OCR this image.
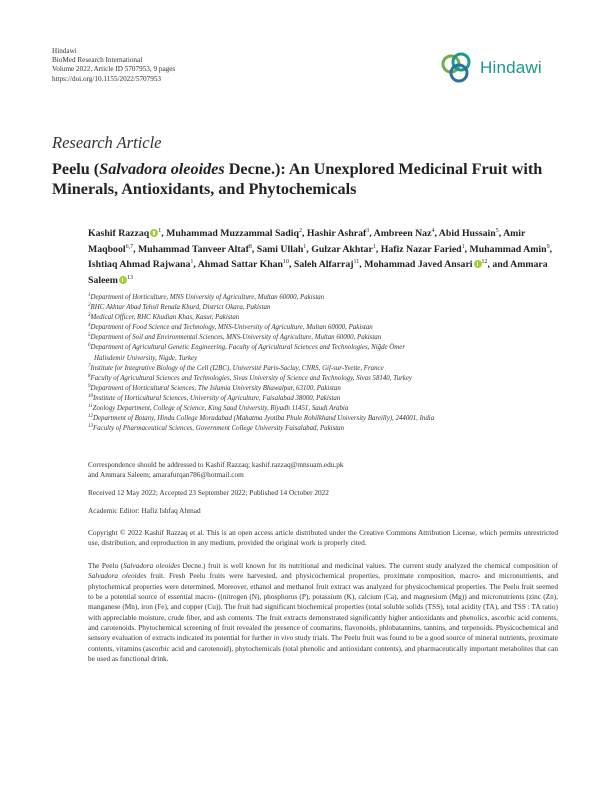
Hindawi
BioMed Research International
Volume 2022, Article ID 5707953, 9 pages
https://doi.org/10.1155/2022/5707953
Hindawi
Research Article
Peelu (Salvadora oleoides Decne.): An Unexplored Medicinal Fruit with Minerals, Antioxidants, and Phytochemicals
Kashif Razzaq $^1$, Muhammad Muzzammal Sadiq$^2$, Hashir Ashraf$^3$, Ambreen Naz$^4$, Abid Hussain$^5$, Amir Maqbool$^{6,7}$, Muhammad Tanveer Altaf$^8$, Sami Ullah$^1$, Gulzar Akhtar$^1$, Hafiz Nazar Faried$^1$, Muhammad Amin$^9$, Ishtiaq Ahmad Rajwana$^1$, Ahmad Sattar Khan$^{10}$, Saleh Alfarraj$^{11}$, Mohammad Javed Ansari $^{12}$, and Ammara Saleem $^{13}$
$^1$Department of Horticulture, MNS University of Agriculture, Multan 60000, Pakistan
$^2$RHC Akhtar Abad Tehsil Renala Khurd, District Okara, Pakistan
$^3$Medical Officer, RHC Khudian Khas, Kasur, Pakistan
$^4$Department of Food Science and Technology, MNS-University of Agriculture, Multan 60000, Pakistan
$^5$Department of Soil and Environmental Sciences, MNS-University of Agriculture, Multan 60000, Pakistan
$^6$Department of Agricultural Genetic Engineering, Faculty of Agricultural Sciences and Technologies, Niğde Ömer
Halisdemir University, Nigde, Turkey
$^7$Institute for Integrative Biology of the Cell (I2BC), Université Paris-Saclay, CNRS, Gif-sur-Yvette, France
$^8$Faculty of Agricultural Sciences and Technologies, Sivas University of Science and Technology, Sivas 58140, Turkey
$^9$Department of Horticultural Sciences, The Islamia University Bhawalpur, 63100, Pakistan
$^{10}$Institute of Horticultural Sciences, University of Agriculture, Faisalabad 38000, Pakistan
$^{11}$Zoology Department, College of Science, King Saud University, Riyadh 11451, Saudi Arabia
$^{12}$Department of Botany, Hindu College Moradabad (Mahatma Jyotiba Phule Rohilkhand University Bareilly), 244001, India
$^{13}$Faculty of Pharmaceutical Sciences, Government College University Faisalabad, Pakistan
Correspondence should be addressed to Kashif Razzaq; kashif.razzaq@mnsuam.edu.pk
and Ammara Saleem; amarafurqan786@hotmail.com
Received 12 May 2022; Accepted 23 September 2022; Published 14 October 2022
Academic Editor: Hafiz Ishfaq Ahmad
Copyright © 2022 Kashif Razzaq et al. This is an open access article distributed under the Creative Commons Attribution License, which permits unrestricted use, distribution, and reproduction in any medium, provided the original work is properly cited.
The Peelu (Salvadora oleoides Decne.) fruit is well known for its nutritional and medicinal values. The current study analyzed the chemical composition of Salvadora oleoides fruit. Fresh Peelu fruits were harvested, and physicochemical properties, proximate composition, macro- and micronutrients, and phytochemical properties were determined. Moreover, ethanol and methanol fruit extract was analyzed for physicochemical properties. The Peelu fruit seemed to be a potential source of essential macro- ((nitrogen (N), phosphorus (P), potassium (K), calcium (Ca), and magnesium (Mg)) and micronutrients (zinc (Zn), manganese (Mn), iron (Fe), and copper (Cu)). The fruit had significant biochemical properties (total soluble solids (TSS), total acidity (TA), and TSS : TA ratio) with appreciable moisture, crude fiber, and ash contents. The fruit extracts demonstrated significantly higher antioxidants and phenolics, ascorbic acid contents, and carotenoids. Phytochemical screening of fruit revealed the presence of coumarins, flavonoids, phlobatannins, tannins, and terpenoids. Physicochemical and sensory evaluation of extracts indicated its potential for further in vivo study trials. The Peelu fruit was found to be a good source of mineral nutrients, proximate contents, vitamins (ascorbic acid and carotenoid), phytochemicals (total phenolic and antioxidant contents), and pharmaceutically important metabolites that can be used as functional drink.
